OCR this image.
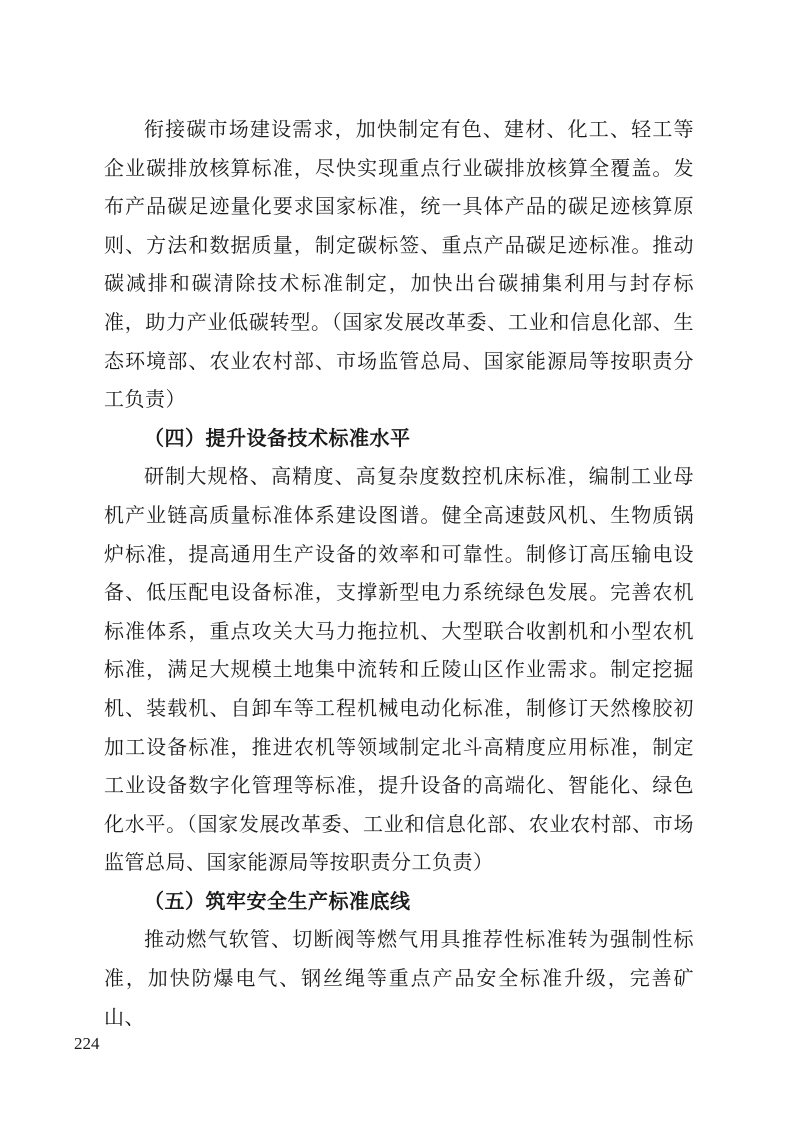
衔接碳市场建设需求，加快制定有色、建材、化工、轻工等企业碳排放核算标准，尽快实现重点行业碳排放核算全覆盖。发布产品碳足迹量化要求国家标准，统一具体产品的碳足迹核算原则、方法和数据质量，制定碳标签、重点产品碳足迹标准。推动碳减排和碳清除技术标准制定，加快出台碳捕集利用与封存标准，助力产业低碳转型。（国家发展改革委、工业和信息化部、生态环境部、农业农村部、市场监管总局、国家能源局等按职责分工负责）

（四）提升设备技术标准水平

研制大规格、高精度、高复杂度数控机床标准，编制工业母机产业链高质量标准体系建设图谱。健全高速鼓风机、生物质锅炉标准，提高通用生产设备的效率和可靠性。制修订高压输电设备、低压配电设备标准，支撑新型电力系统绿色发展。完善农机标准体系，重点攻关大马力拖拉机、大型联合收割机和小型农机标准，满足大规模土地集中流转和丘陵山区作业需求。制定挖掘机、装载机、自卸车等工程机械电动化标准，制修订天然橡胶初加工设备标准，推进农机等领域制定北斗高精度应用标准，制定工业设备数字化管理等标准，提升设备的高端化、智能化、绿色化水平。（国家发展改革委、工业和信息化部、农业农村部、市场监管总局、国家能源局等按职责分工负责）

（五）筑牢安全生产标准底线

推动燃气软管、切断阀等燃气用具推荐性标准转为强制性标准，加快防爆电气、钢丝绳等重点产品安全标准升级，完善矿山、

224
